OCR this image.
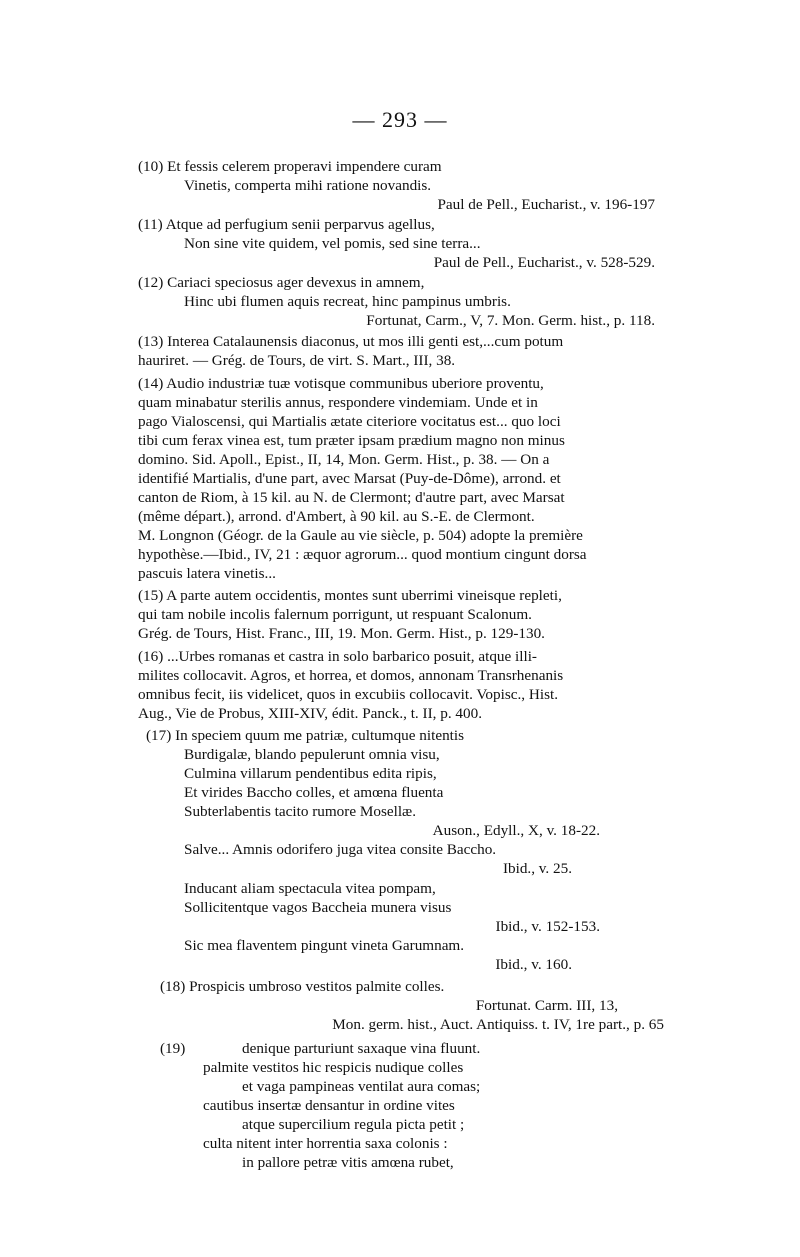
— 293 —
(10) Et fessis celerem properavi impendere curam
Vinetis, comperta mihi ratione novandis.
Paul de Pell., Eucharist., v. 196-197
(11) Atque ad perfugium senii perparvus agellus,
Non sine vite quidem, vel pomis, sed sine terra...
Paul de Pell., Eucharist., v. 528-529.
(12) Cariaci speciosus ager devexus in amnem,
Hinc ubi flumen aquis recreat, hinc pampinus umbris.
Fortunat, Carm., V, 7. Mon. Germ. hist., p. 118.
(13) Interea Catalaunensis diaconus, ut mos illi genti est,...cum potum
hauriret. — Grég. de Tours, de virt. S. Mart., III, 38.
(14) Audio industriæ tuæ votisque communibus uberiore proventu,
quam minabatur sterilis annus, respondere vindemiam. Unde et in
pago Vialoscensi, qui Martialis ætate citeriore vocitatus est... quo loci
tibi cum ferax vinea est, tum præter ipsam prædium magno non minus
domino. Sid. Apoll., Epist., II, 14, Mon. Germ. Hist., p. 38. — On a
identifié Martialis, d'une part, avec Marsat (Puy-de-Dôme), arrond. et
canton de Riom, à 15 kil. au N. de Clermont; d'autre part, avec Marsat
(même départ.), arrond. d'Ambert, à 90 kil. au S.-E. de Clermont.
M. Longnon (Géogr. de la Gaule au vie siècle, p. 504) adopte la première
hypothèse.—Ibid., IV, 21 : æquor agrorum... quod montium cingunt dorsa
pascuis latera vinetis...
(15) A parte autem occidentis, montes sunt uberrimi vineisque repleti,
qui tam nobile incolis falernum porrigunt, ut respuant Scalonum.
Grég. de Tours, Hist. Franc., III, 19. Mon. Germ. Hist., p. 129-130.
(16) ...Urbes romanas et castra in solo barbarico posuit, atque illi-
milites collocavit. Agros, et horrea, et domos, annonam Transrhenanis
omnibus fecit, iis videlicet, quos in excubiis collocavit. Vopisc., Hist.
Aug., Vie de Probus, XIII-XIV, édit. Panck., t. II, p. 400.
(17) In speciem quum me patriæ, cultumque nitentis
Burdigalæ, blando pepulerunt omnia visu,
Culmina villarum pendentibus edita ripis,
Et virides Baccho colles, et amœna fluenta
Subterlabentis tacito rumore Mosellæ.
Auson., Edyll., X, v. 18-22.
Salve... Amnis odorifero juga vitea consite Baccho.
Ibid., v. 25.
Inducant aliam spectacula vitea pompam,
Sollicitentque vagos Baccheia munera visus
Ibid., v. 152-153.
Sic mea flaventem pingunt vineta Garumnam.
Ibid., v. 160.
(18) Prospicis umbroso vestitos palmite colles.
Fortunat. Carm. III, 13,
Mon. germ. hist., Auct. Antiquiss. t. IV, 1re part., p. 65
(19)	denique parturiunt saxaque vina fluunt.
palmite vestitos hic respicis nudique colles
et vaga pampineas ventilat aura comas;
cautibus insertæ densantur in ordine vites
atque supercilium regula picta petit ;
culta nitent inter horrentia saxa colonis :
in pallore petræ vitis amœna rubet,
